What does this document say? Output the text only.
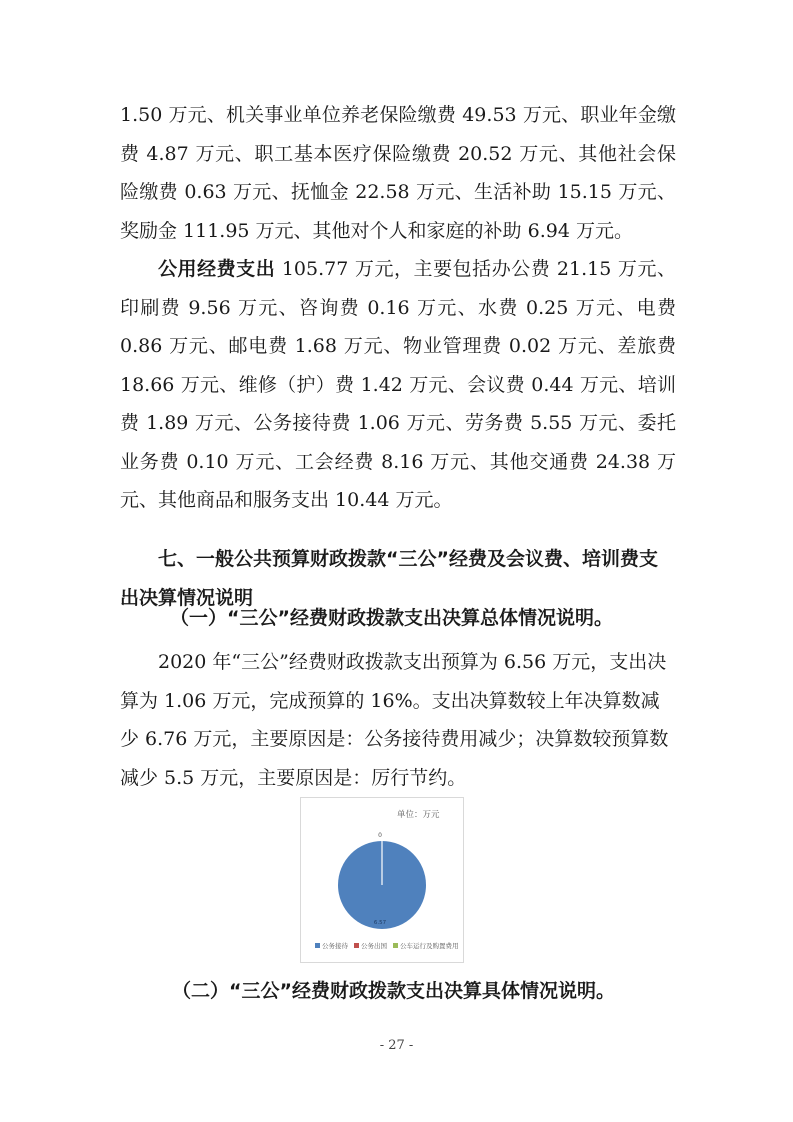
1.50 万元、机关事业单位养老保险缴费 49.53 万元、职业年金缴费 4.87 万元、职工基本医疗保险缴费 20.52 万元、其他社会保险缴费 0.63 万元、抚恤金 22.58 万元、生活补助 15.15 万元、奖励金 111.95 万元、其他对个人和家庭的补助 6.94 万元。

公用经费支出 105.77 万元，主要包括办公费 21.15 万元、印刷费 9.56 万元、咨询费 0.16 万元、水费 0.25 万元、电费 0.86 万元、邮电费 1.68 万元、物业管理费 0.02 万元、差旅费 18.66 万元、维修（护）费 1.42 万元、会议费 0.44 万元、培训费 1.89 万元、公务接待费 1.06 万元、劳务费 5.55 万元、委托业务费 0.10 万元、工会经费 8.16 万元、其他交通费 24.38 万元、其他商品和服务支出 10.44 万元。

七、一般公共预算财政拨款“三公”经费及会议费、培训费支出决算情况说明

（一）“三公”经费财政拨款支出决算总体情况说明。

2020 年“三公”经费财政拨款支出预算为 6.56 万元，支出决算为 1.06 万元，完成预算的 16%。支出决算数较上年决算数减少 6.76 万元，主要原因是：公务接待费用减少；决算数较预算数减少 5.5 万元，主要原因是：厉行节约。

单位：万元
6.57
0
公务接待 公务出国 公车运行及购置费用

（二）“三公”经费财政拨款支出决算具体情况说明。

- 27 -
